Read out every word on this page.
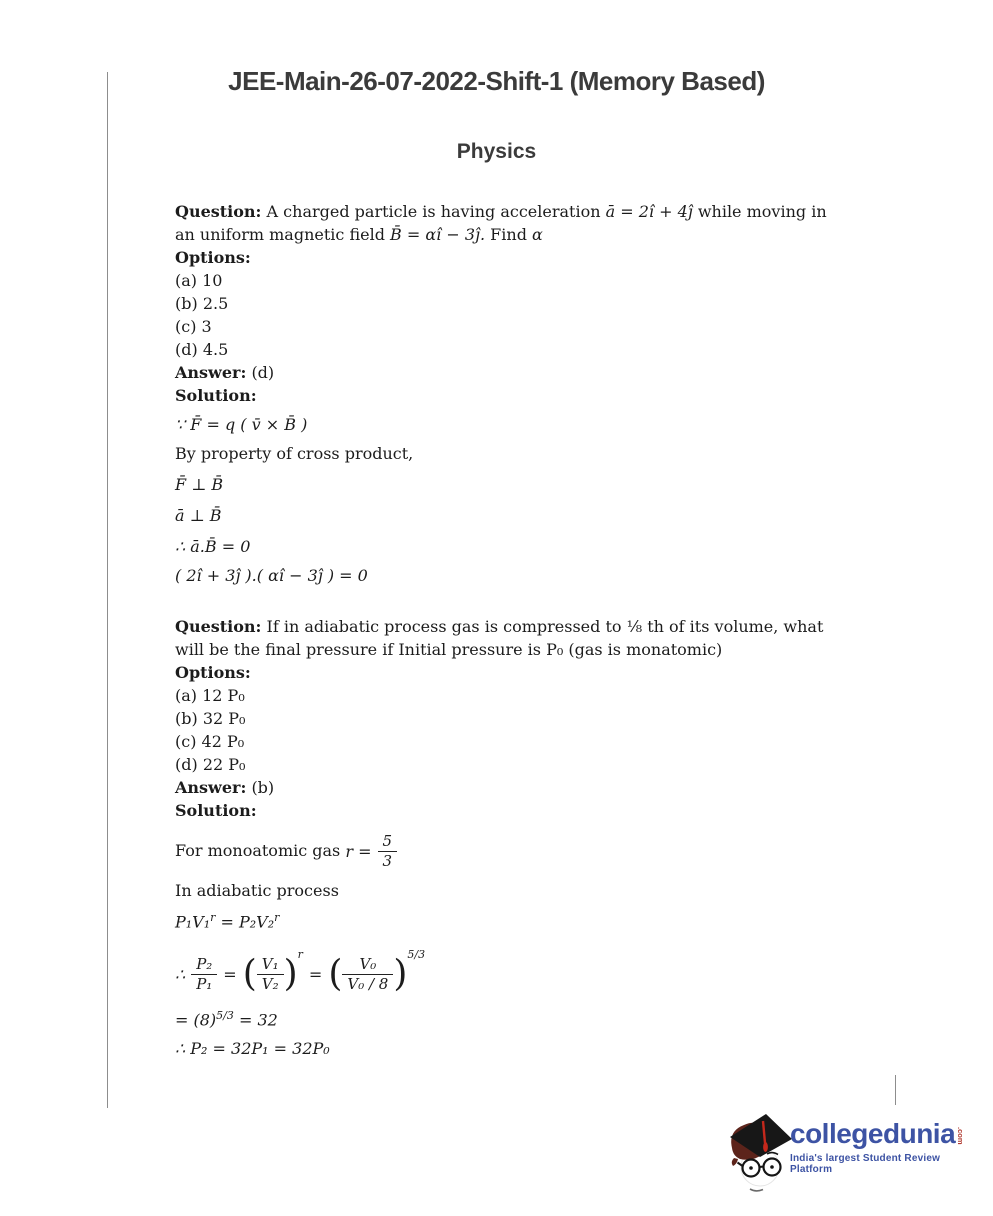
JEE-Main-26-07-2022-Shift-1 (Memory Based)
Physics

Question: A charged particle is having acceleration ā = 2î + 4ĵ while moving in an uniform magnetic field B̄ = αî − 3ĵ. Find α

Options:
(a) 10
(b) 2.5
(c) 3
(d) 4.5
Answer: (d)
Solution:
∵ F̄ = q ( v̄ × B̄ )
By property of cross product,
F̄ ⊥ B̄
ā ⊥ B̄
∴ ā.B̄ = 0
( 2î + 3ĵ ).( αî − 3ĵ ) = 0

Question: If in adiabatic process gas is compressed to ⅛ th of its volume, what will be the final pressure if Initial pressure is P₀ (gas is monatomic)

Options:
(a) 12 P₀
(b) 32 P₀
(c) 42 P₀
(d) 22 P₀
Answer: (b)
Solution:
For monoatomic gas $r = \frac{5}{3}$
In adiabatic process
P₁V₁$^r$ = P₂V₂$^r$
∴ $\frac{\text{P₂}}{\text{P₁}}$ = ( $\frac{\text{V₁}}{\text{V₂}} )^r=$ ( $\frac{\text{V₀}}{\text{V₀ / 8}} )^{5/3}$
= $(8)^{5/3} = 32$
∴ P₂ = 32P₁ = 32P₀
collegedunia.com
India's largest Student Review Platform
